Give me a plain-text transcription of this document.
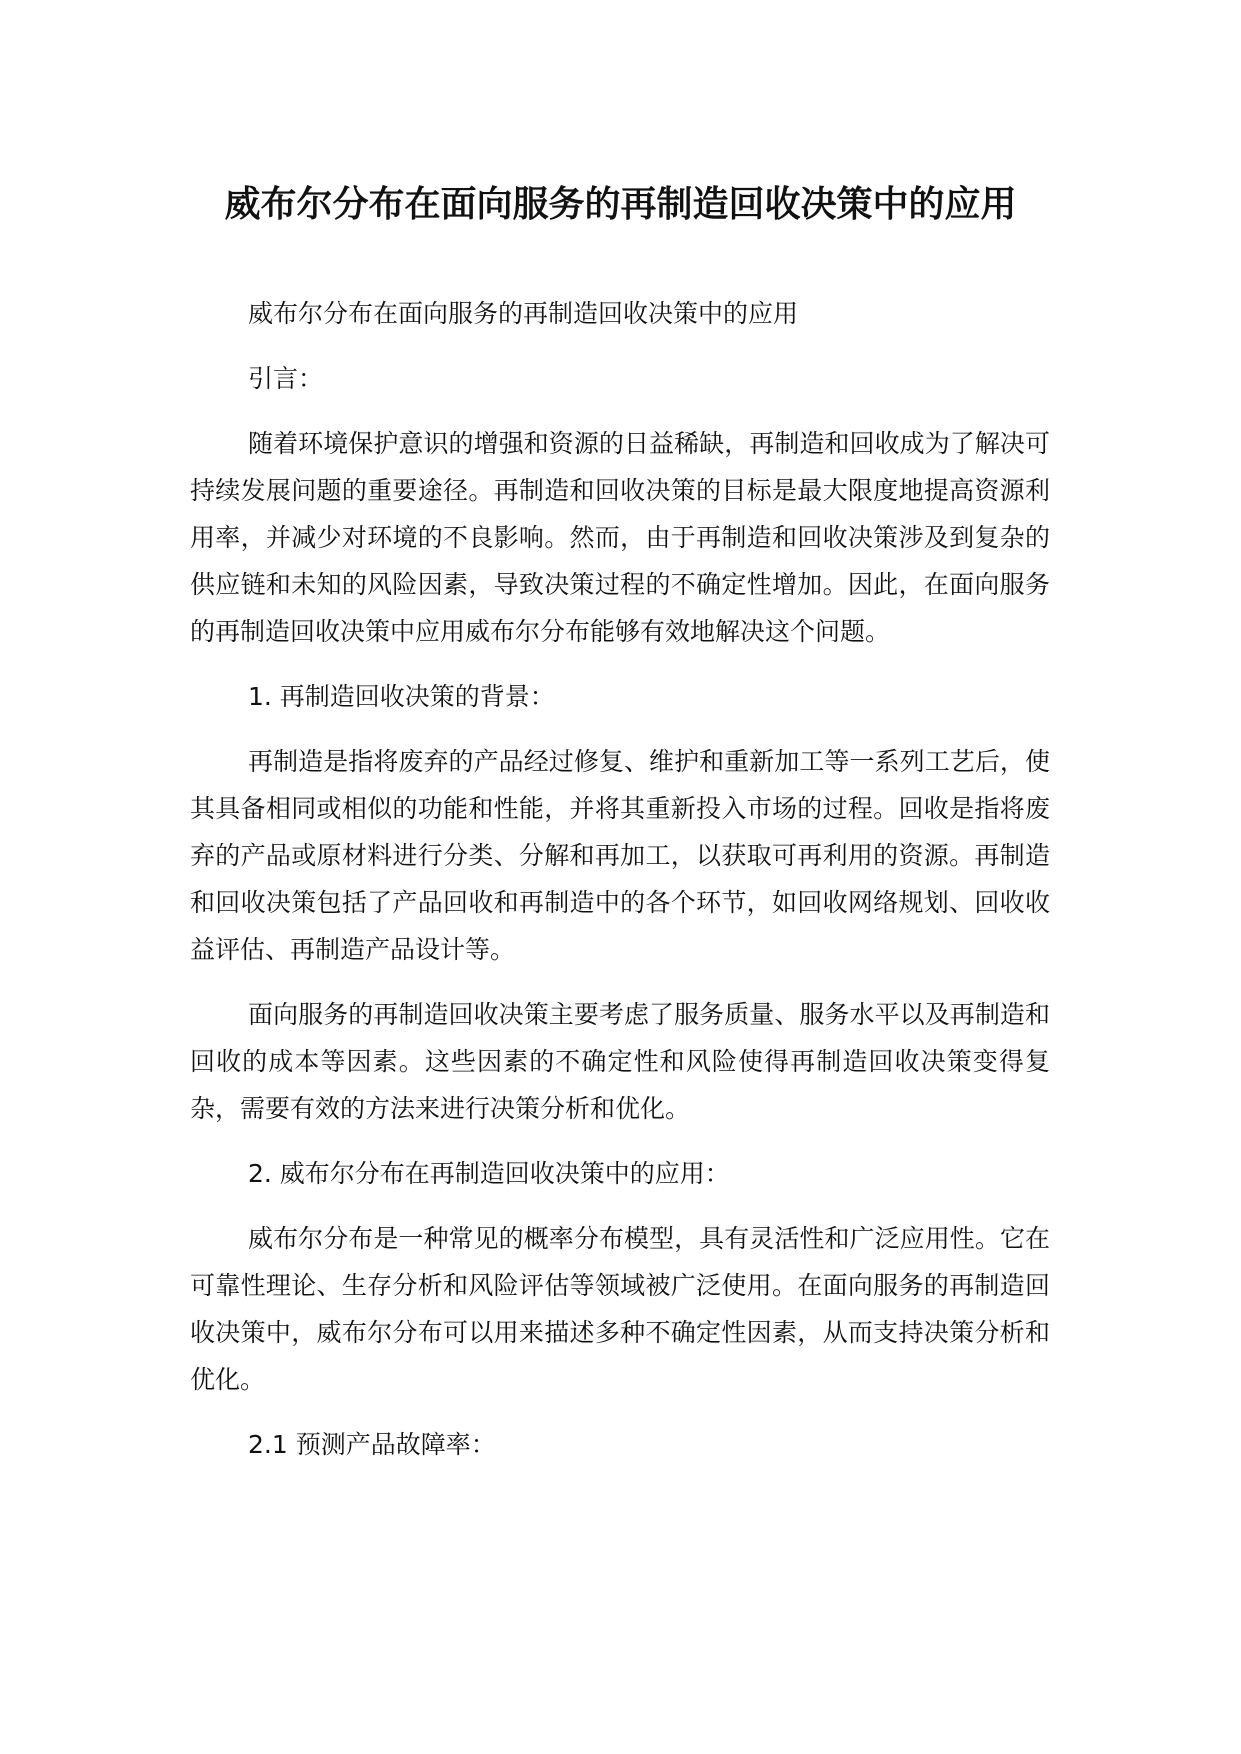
威布尔分布在面向服务的再制造回收决策中的应用

威布尔分布在面向服务的再制造回收决策中的应用

引言：

随着环境保护意识的增强和资源的日益稀缺，再制造和回收成为了解决可持续发展问题的重要途径。再制造和回收决策的目标是最大限度地提高资源利用率，并减少对环境的不良影响。然而，由于再制造和回收决策涉及到复杂的供应链和未知的风险因素，导致决策过程的不确定性增加。因此，在面向服务的再制造回收决策中应用威布尔分布能够有效地解决这个问题。

1. 再制造回收决策的背景：

再制造是指将废弃的产品经过修复、维护和重新加工等一系列工艺后，使其具备相同或相似的功能和性能，并将其重新投入市场的过程。回收是指将废弃的产品或原材料进行分类、分解和再加工，以获取可再利用的资源。再制造和回收决策包括了产品回收和再制造中的各个环节，如回收网络规划、回收收益评估、再制造产品设计等。

面向服务的再制造回收决策主要考虑了服务质量、服务水平以及再制造和回收的成本等因素。这些因素的不确定性和风险使得再制造回收决策变得复杂，需要有效的方法来进行决策分析和优化。

2. 威布尔分布在再制造回收决策中的应用：

威布尔分布是一种常见的概率分布模型，具有灵活性和广泛应用性。它在可靠性理论、生存分析和风险评估等领域被广泛使用。在面向服务的再制造回收决策中，威布尔分布可以用来描述多种不确定性因素，从而支持决策分析和优化。

2.1 预测产品故障率：
